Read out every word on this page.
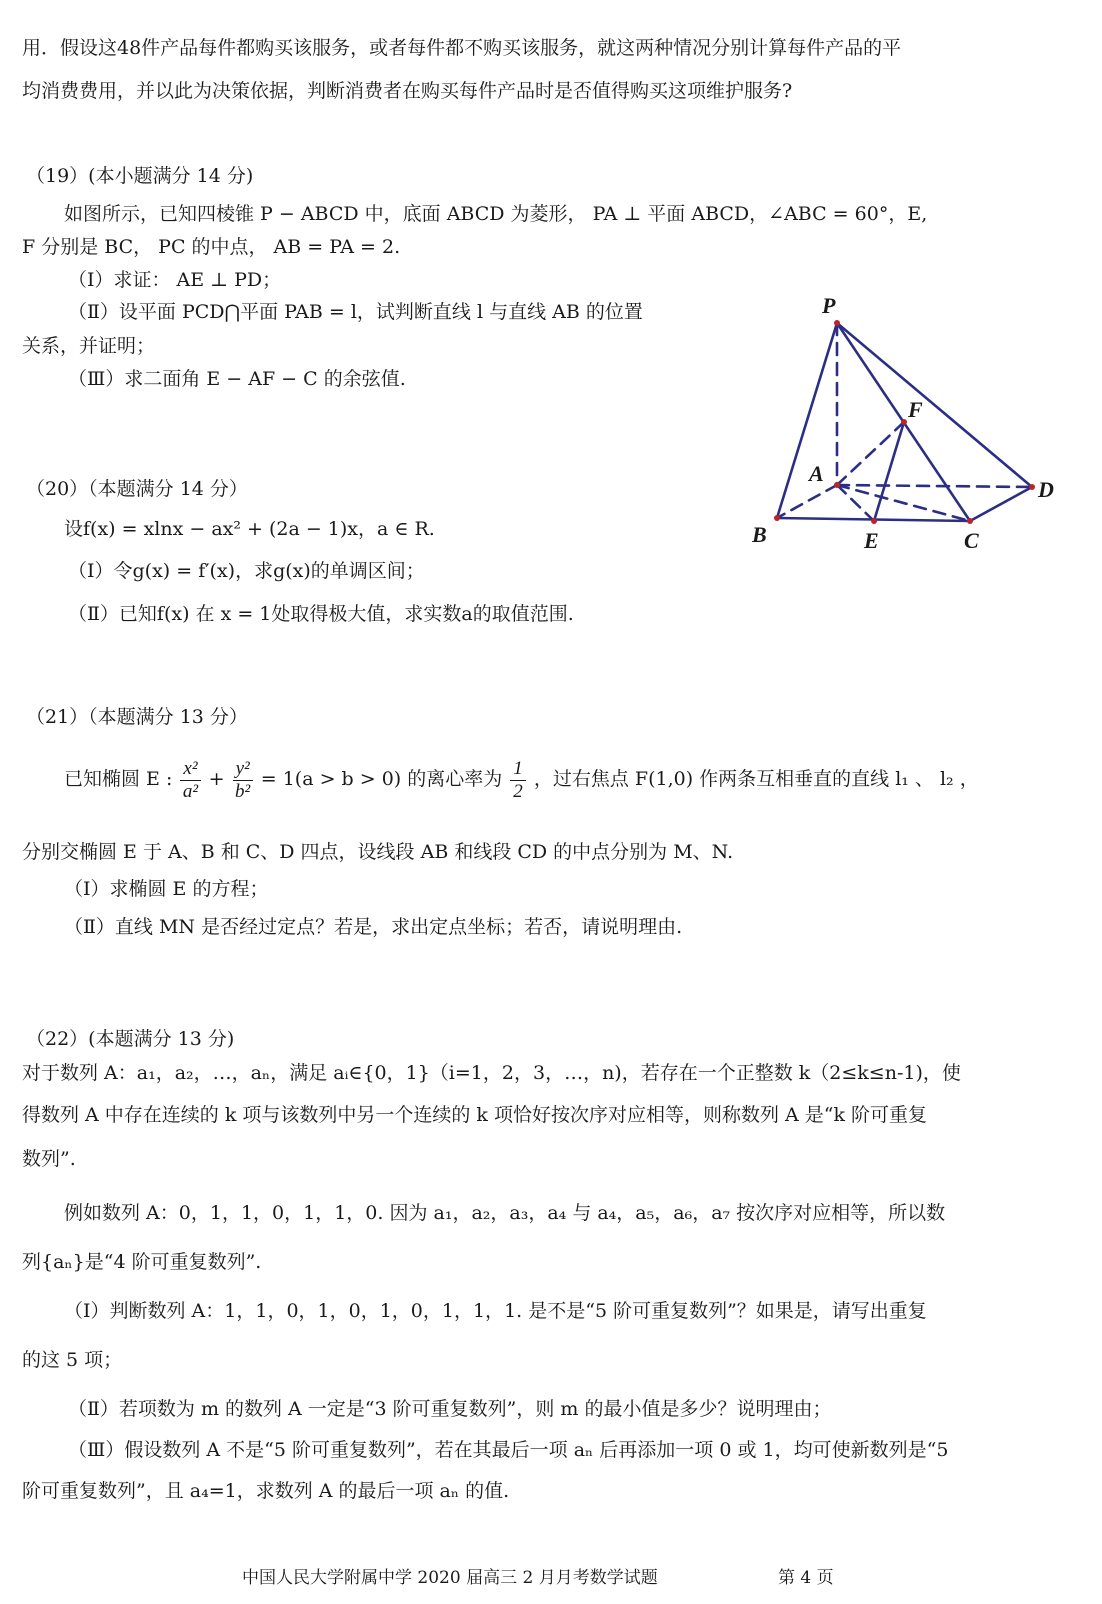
用．假设这48件产品每件都购买该服务，或者每件都不购买该服务，就这两种情况分别计算每件产品的平
均消费费用，并以此为决策依据，判断消费者在购买每件产品时是否值得购买这项维护服务?
（19）(本小题满分 14 分)
如图所示，已知四棱锥 P − ABCD 中，底面 ABCD 为菱形， PA ⊥ 平面 ABCD，∠ABC = 60°，E,
F 分别是 BC， PC 的中点， AB = PA = 2.
（Ⅰ）求证： AE ⊥ PD；
（Ⅱ）设平面 PCD⋂平面 PAB = l，试判断直线 l 与直线 AB 的位置
关系，并证明；
（Ⅲ）求二面角 E − AF − C 的余弦值.
P
F
A
D
B	E	C
（20）（本题满分 14 分）
设f(x) = xlnx − ax² + (2a − 1)x，a ∈ R.
（Ⅰ）令g(x) = f′(x)，求g(x)的单调区间；
（Ⅱ）已知f(x) 在 x = 1处取得极大值，求实数a的取值范围.
（21）（本题满分 13 分）
已知椭圆 E : $\frac{\text{x²}}{\text{a²}} + \frac{\text{y²}}{\text{b²}} = 1(a > b > 0)$ 的离心率为 $\frac{1}{2}$ ，过右焦点 F(1,0) 作两条互相垂直的直线 l₁ 、 l₂ ，
分别交椭圆 E 于 A、B 和 C、D 四点，设线段 AB 和线段 CD 的中点分别为 M、N.
（Ⅰ）求椭圆 E 的方程；
（Ⅱ）直线 MN 是否经过定点？若是，求出定点坐标；若否，请说明理由.
（22）(本题满分 13 分)
对于数列 A：a₁，a₂，…，aₙ，满足 aᵢ∈{0，1}（i=1，2，3，…，n)，若存在一个正整数 k（2≤k≤n-1)，使
得数列 A 中存在连续的 k 项与该数列中另一个连续的 k 项恰好按次序对应相等，则称数列 A 是“k 阶可重复
数列”.
例如数列 A：0，1，1，0，1，1，0. 因为 a₁，a₂，a₃，a₄ 与 a₄，a₅，a₆，a₇ 按次序对应相等，所以数
列{aₙ}是“4 阶可重复数列”.
（Ⅰ）判断数列 A：1，1，0，1，0，1，0，1，1，1. 是不是“5 阶可重复数列”？如果是，请写出重复
的这 5 项；
（Ⅱ）若项数为 m 的数列 A 一定是“3 阶可重复数列”，则 m 的最小值是多少？说明理由；
（Ⅲ）假设数列 A 不是“5 阶可重复数列”，若在其最后一项 aₙ 后再添加一项 0 或 1，均可使新数列是“5
阶可重复数列”，且 a₄=1，求数列 A 的最后一项 aₙ 的值.
中国人民大学附属中学 2020 届高三 2 月月考数学试题	第 4 页
